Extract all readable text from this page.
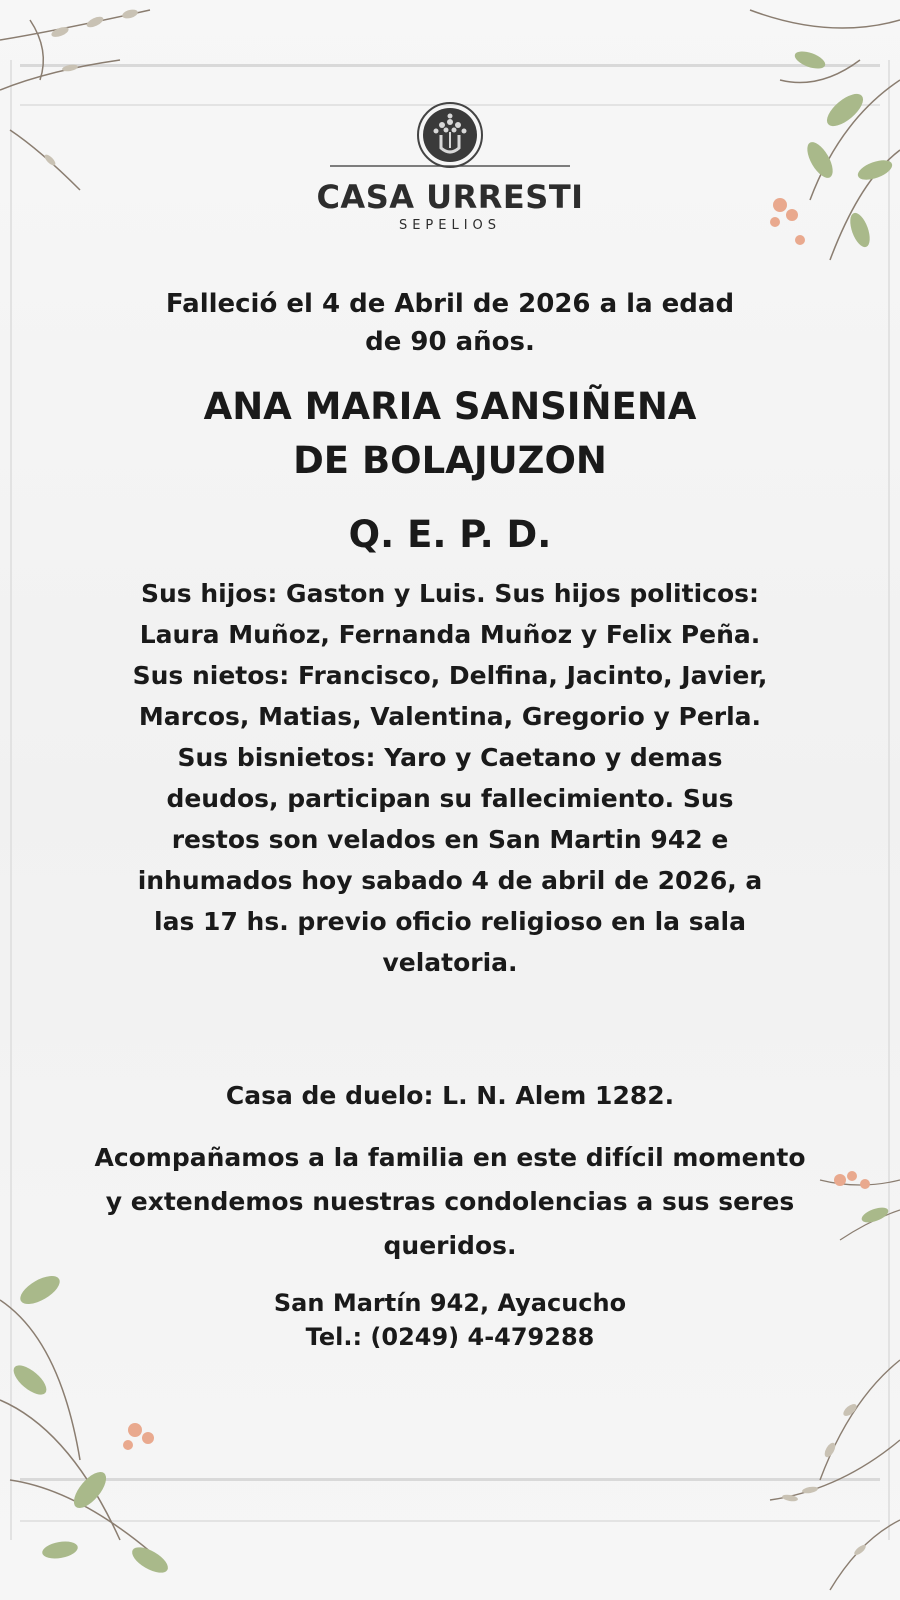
CASA URRESTI
SEPELIOS
Falleció el 4 de Abril de 2026 a la edad
de 90 años.
ANA MARIA SANSIÑENA
DE BOLAJUZON
Q. E. P. D.
Sus hijos: Gaston y Luis. Sus hijos politicos:
Laura Muñoz, Fernanda Muñoz y Felix Peña.
Sus nietos: Francisco, Delfina, Jacinto, Javier,
Marcos, Matias, Valentina, Gregorio y Perla.
Sus bisnietos: Yaro y Caetano y demas
deudos, participan su fallecimiento. Sus
restos son velados en San Martin 942 e
inhumados hoy sabado 4 de abril de 2026, a
las 17 hs. previo oficio religioso en la sala
velatoria.
Casa de duelo: L. N. Alem 1282.
Acompañamos a la familia en este difícil momento
y extendemos nuestras condolencias a sus seres
queridos.
San Martín 942, Ayacucho
Tel.: (0249) 4-479288
